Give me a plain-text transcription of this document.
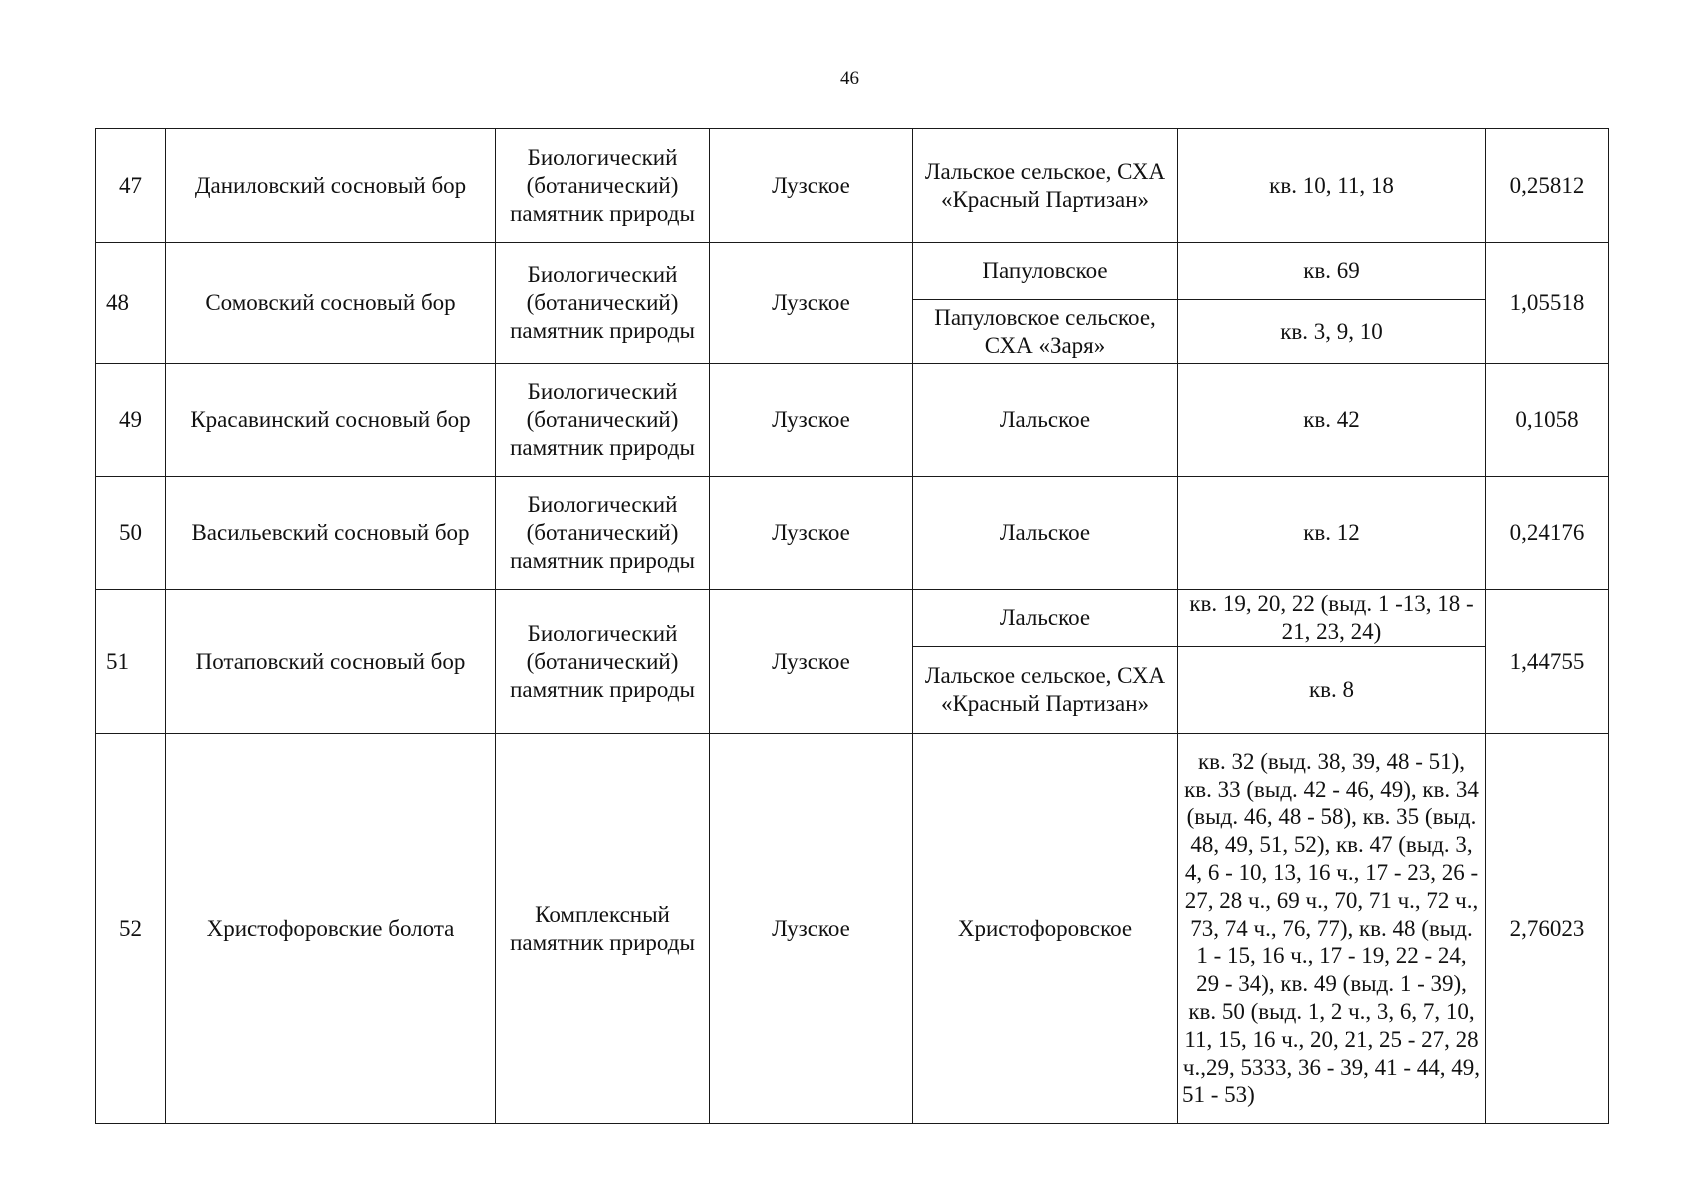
46
47	Даниловский сосновый бор	Биологический (ботанический) памятник природы	Лузское	Лальское сельское, СХА «Красный Партизан»	кв. 10, 11, 18	0,25812
48	Сомовский сосновый бор	Биологический (ботанический) памятник природы	Лузское	Папуловское	кв. 69	1,05518
				Папуловское сельское, СХА «Заря»	кв. 3, 9, 10	
49	Красавинский сосновый бор	Биологический (ботанический) памятник природы	Лузское	Лальское	кв. 42	0,1058
50	Васильевский сосновый бор	Биологический (ботанический) памятник природы	Лузское	Лальское	кв. 12	0,24176
51	Потаповский сосновый бор	Биологический (ботанический) памятник природы	Лузское	Лальское	кв. 19, 20, 22 (выд. 1 -13, 18 - 21, 23, 24)	1,44755
				Лальское сельское, СХА «Красный Партизан»	кв. 8	
52	Христофоровские болота	Комплексный памятник природы	Лузское	Христофоровское	кв. 32 (выд. 38, 39, 48 - 51), кв. 33 (выд. 42 - 46, 49), кв. 34 (выд. 46, 48 - 58), кв. 35 (выд. 48, 49, 51, 52), кв. 47 (выд. 3, 4, 6 - 10, 13, 16 ч., 17 - 23, 26 - 27, 28 ч., 69 ч., 70, 71 ч., 72 ч., 73, 74 ч., 76, 77), кв. 48 (выд. 1 - 15, 16 ч., 17 - 19, 22 - 24, 29 - 34), кв. 49 (выд. 1 - 39), кв. 50 (выд. 1, 2 ч., 3, 6, 7, 10, 11, 15, 16 ч., 20, 21, 25 - 27, 28 ч.,29, 5333, 36 - 39, 41 - 44, 49, 51 - 53)	2,76023
